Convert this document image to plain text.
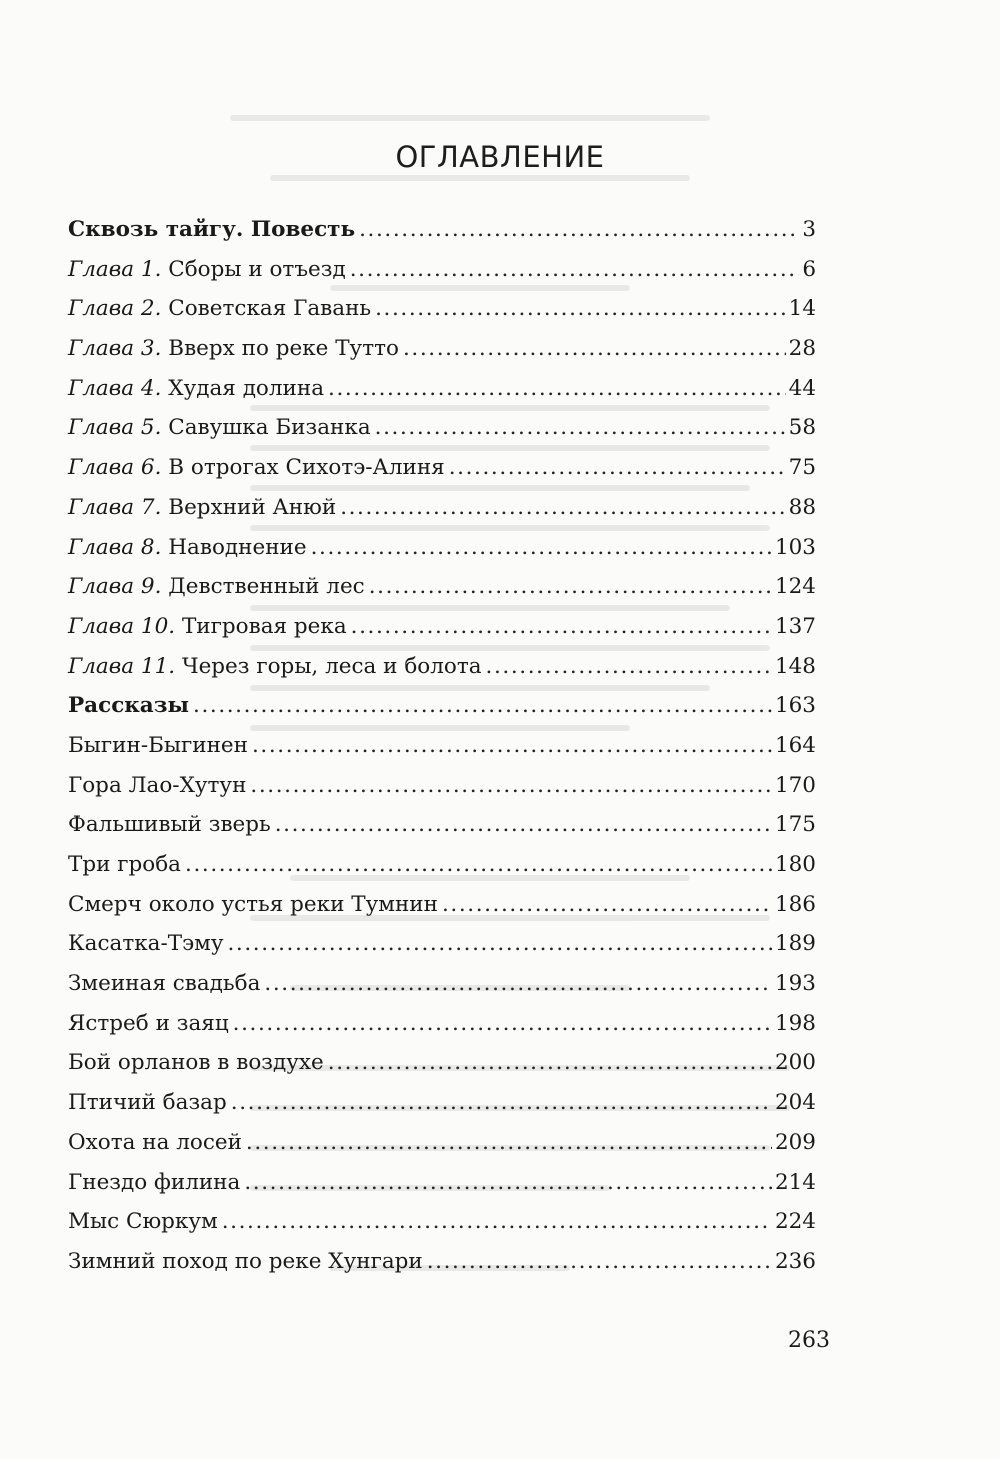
ОГЛАВЛЕНИЕ
Сквозь тайгу. Повесть .....	3
Глава 1. Сборы и отъезд .....	6
Глава 2. Советская Гавань .....	14
Глава 3. Вверх по реке Тутто .....	28
Глава 4. Худая долина .....	44
Глава 5. Савушка Бизанка .....	58
Глава 6. В отрогах Сихотэ-Алиня .....	75
Глава 7. Верхний Анюй .....	88
Глава 8. Наводнение .....	103
Глава 9. Девственный лес .....	124
Глава 10. Тигровая река .....	137
Глава 11. Через горы, леса и болота .....	148
Рассказы .....	163
Быгин-Быгинен .....	164
Гора Лао-Хутун .....	170
Фальшивый зверь .....	175
Три гроба .....	180
Смерч около устья реки Тумнин .....	186
Касатка-Тэму .....	189
Змеиная свадьба .....	193
Ястреб и заяц .....	198
Бой орланов в воздухе .....	200
Птичий базар .....	204
Охота на лосей .....	209
Гнездо филина .....	214
Мыс Сюркум .....	224
Зимний поход по реке Хунгари .....	236
263
